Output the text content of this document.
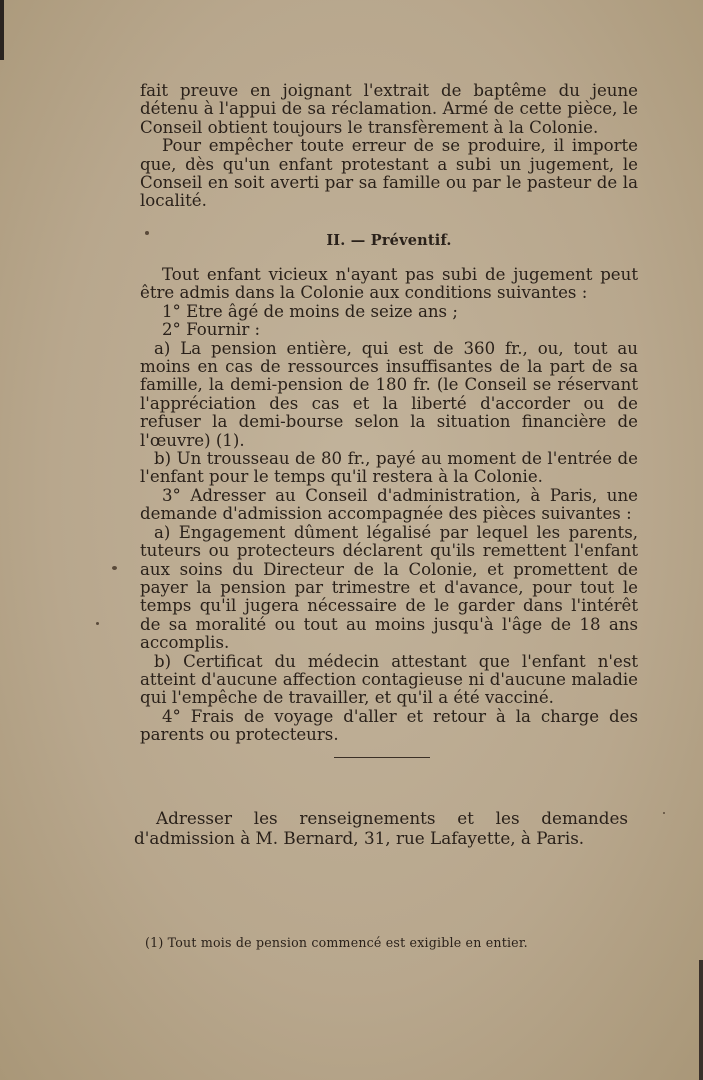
fait preuve en joignant l'extrait de baptême du jeune détenu à l'appui de sa réclamation. Armé de cette pièce, le Conseil obtient toujours le transfèrement à la Colonie.

Pour empêcher toute erreur de se produire, il importe que, dès qu'un enfant protestant a subi un jugement, le Conseil en soit averti par sa famille ou par le pasteur de la localité.

II. — Préventif.

Tout enfant vicieux n'ayant pas subi de jugement peut être admis dans la Colonie aux conditions suivantes :

1° Etre âgé de moins de seize ans ;

2° Fournir :

a) La pension entière, qui est de 360 fr., ou, tout au moins en cas de ressources insuffisantes de la part de sa famille, la demi-pension de 180 fr. (le Conseil se réservant l'appréciation des cas et la liberté d'accorder ou de refuser la demi-bourse selon la situation financière de l'œuvre) (1).

b) Un trousseau de 80 fr., payé au moment de l'entrée de l'enfant pour le temps qu'il restera à la Colonie.

3° Adresser au Conseil d'administration, à Paris, une demande d'admission accompagnée des pièces suivantes :

a) Engagement dûment légalisé par lequel les parents, tuteurs ou protecteurs déclarent qu'ils remettent l'enfant aux soins du Directeur de la Colonie, et promettent de payer la pension par trimestre et d'avance, pour tout le temps qu'il jugera nécessaire de le garder dans l'intérêt de sa moralité ou tout au moins jusqu'à l'âge de 18 ans accomplis.

b) Certificat du médecin attestant que l'enfant n'est atteint d'aucune affection contagieuse ni d'aucune maladie qui l'empêche de travailler, et qu'il a été vacciné.

4° Frais de voyage d'aller et retour à la charge des parents ou protecteurs.

Adresser les renseignements et les demandes d'admission à M. Bernard, 31, rue Lafayette, à Paris.

(1) Tout mois de pension commencé est exigible en entier.
